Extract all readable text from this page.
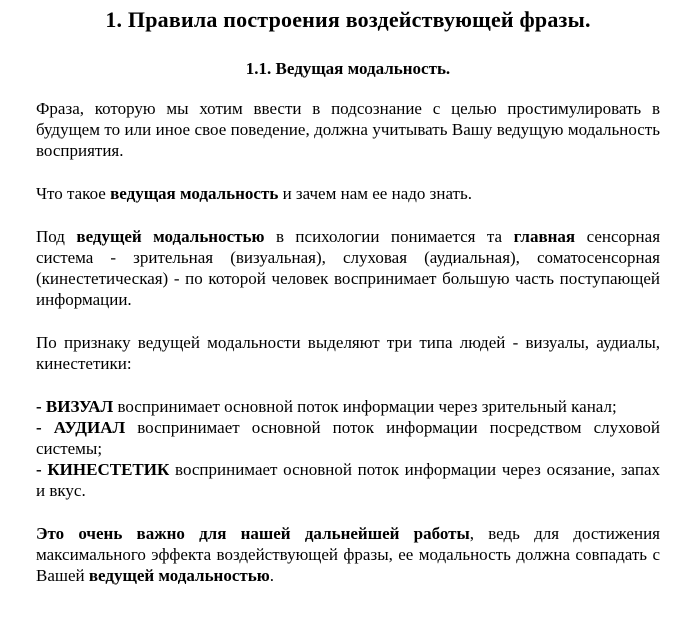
1. Правила построения воздействующей фразы.
1.1. Ведущая модальность.

Фраза, которую мы хотим ввести в подсознание с целью простимулировать в будущем то или иное свое поведение, должна учитывать Вашу ведущую модальность восприятия.

Что такое ведущая модальность и зачем нам ее надо знать.

Под ведущей модальностью в психологии понимается та главная сенсорная система - зрительная (визуальная), слуховая (аудиальная), соматосенсорная (кинестетическая) - по которой человек воспринимает большую часть поступающей информации.

По признаку ведущей модальности выделяют три типа людей - визуалы, аудиалы, кинестетики:

- ВИЗУАЛ воспринимает основной поток информации через зрительный канал;

- АУДИАЛ воспринимает основной поток информации посредством слуховой системы;

- КИНЕСТЕТИК воспринимает основной поток информации через осязание, запах и вкус.

Это очень важно для нашей дальнейшей работы, ведь для достижения максимального эффекта воздействующей фразы, ее модальность должна совпадать с Вашей ведущей модальностью.
